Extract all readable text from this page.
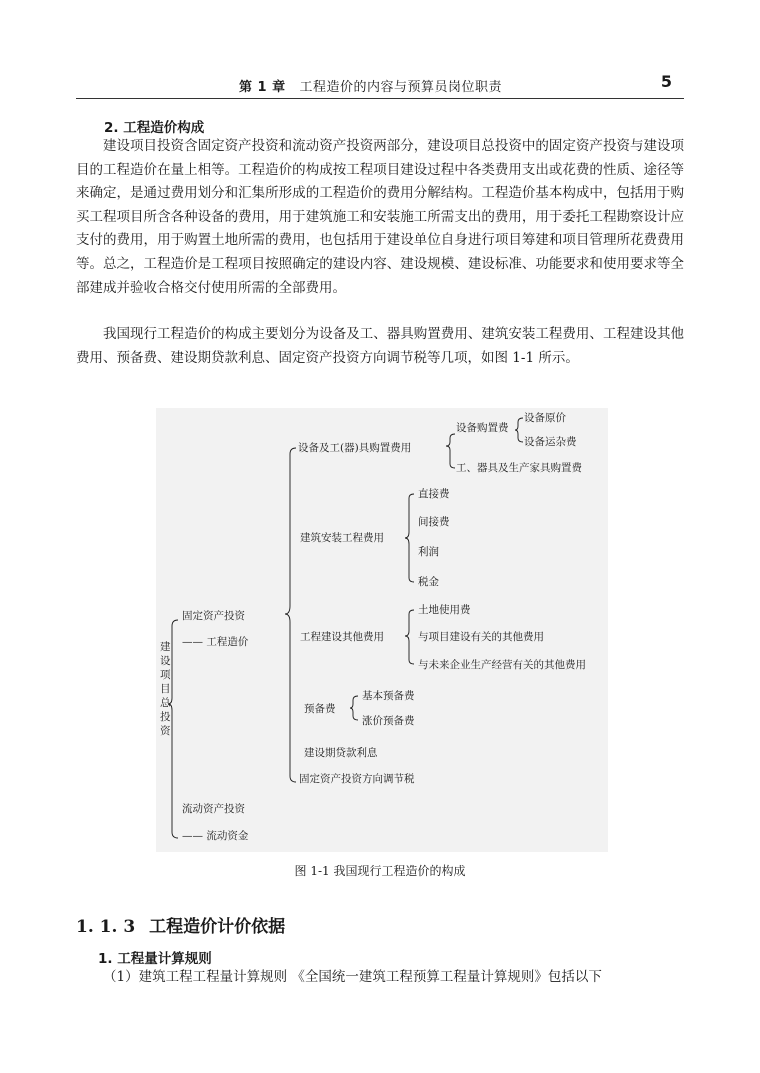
第 1 章 工程造价的内容与预算员岗位职责	5
2. 工程造价构成

建设项目投资含固定资产投资和流动资产投资两部分，建设项目总投资中的固定资产投资与建设项目的工程造价在量上相等。工程造价的构成按工程项目建设过程中各类费用支出或花费的性质、途径等来确定，是通过费用划分和汇集所形成的工程造价的费用分解结构。工程造价基本构成中，包括用于购买工程项目所含各种设备的费用，用于建筑施工和安装施工所需支出的费用，用于委托工程勘察设计应支付的费用，用于购置土地所需的费用，也包括用于建设单位自身进行项目筹建和项目管理所花费费用等。总之，工程造价是工程项目按照确定的建设内容、建设规模、建设标准、功能要求和使用要求等全部建成并验收合格交付使用所需的全部费用。

我国现行工程造价的构成主要划分为设备及工、器具购置费用、建筑安装工程费用、工程建设其他费用、预备费、建设期贷款利息、固定资产投资方向调节税等几项，如图 1-1 所示。

建设项目总投资
固定资产投资
—— 工程造价
流动资产投资
—— 流动资金
设备及工(器)具购置费用
设备购置费
设备原价
设备运杂费
工、器具及生产家具购置费
建筑安装工程费用
直接费
间接费
利润
税金
工程建设其他费用
土地使用费
与项目建设有关的其他费用
与未来企业生产经营有关的其他费用
预备费
基本预备费
涨价预备费
建设期贷款利息
固定资产投资方向调节税
图 1-1 我国现行工程造价的构成
1. 1. 3 工程造价计价依据
1. 工程量计算规则

（1）建筑工程工程量计算规则 《全国统一建筑工程预算工程量计算规则》包括以下
